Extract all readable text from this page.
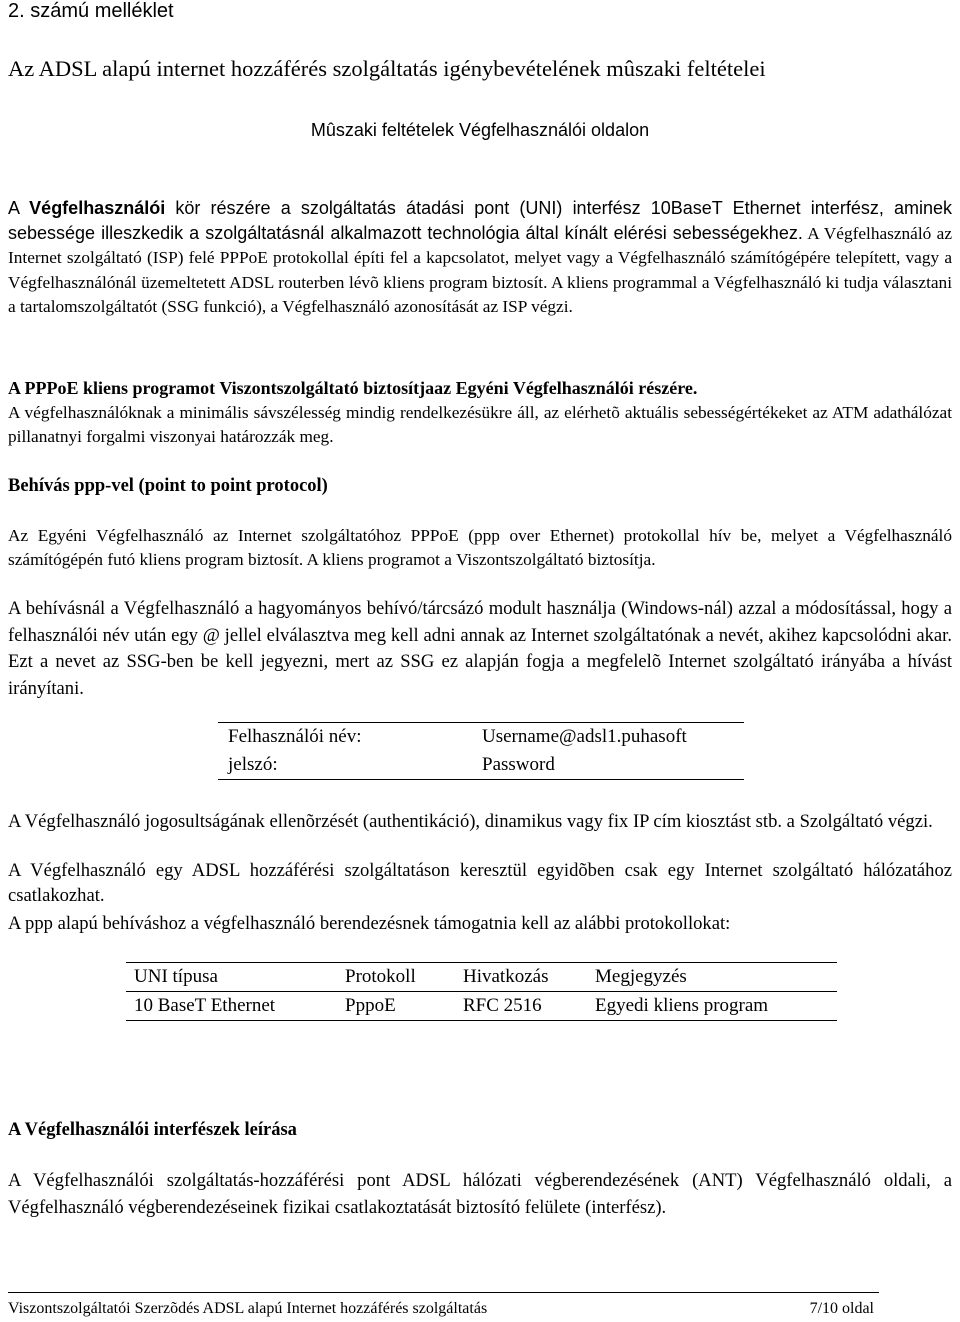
2. számú melléklet
Az ADSL alapú internet hozzáférés szolgáltatás igénybevételének mûszaki feltételei
Mûszaki feltételek Végfelhasználói oldalon
A Végfelhasználói kör részére a szolgáltatás átadási pont (UNI) interfész 10BaseT Ethernet interfész, aminek sebessége illeszkedik a szolgáltatásnál alkalmazott technológia által kínált elérési sebességekhez. A Végfelhasználó az Internet szolgáltató (ISP) felé PPPoE protokollal építi fel a kapcsolatot, melyet vagy a Végfelhasználó számítógépére telepített, vagy a Végfelhasználónál üzemeltetett ADSL routerben lévõ kliens program biztosít. A kliens programmal a Végfelhasználó ki tudja választani a tartalomszolgáltatót (SSG funkció), a Végfelhasználó azonosítását az ISP végzi.
A PPPoE kliens programot Viszontszolgáltató biztosítjaaz Egyéni Végfelhasználói részére.
A végfelhasználóknak a minimális sávszélesség mindig rendelkezésükre áll, az elérhetõ aktuális sebességértékeket az ATM adathálózat pillanatnyi forgalmi viszonyai határozzák meg.
Behívás ppp-vel (point to point protocol)
Az Egyéni Végfelhasználó az Internet szolgáltatóhoz PPPoE (ppp over Ethernet) protokollal hív be, melyet a Végfelhasználó számítógépén futó kliens program biztosít. A kliens programot a Viszontszolgáltató biztosítja.
A behívásnál a Végfelhasználó a hagyományos behívó/tárcsázó modult használja (Windows-nál) azzal a módosítással, hogy a felhasználói név után egy @ jellel elválasztva meg kell adni annak az Internet szolgáltatónak a nevét, akihez kapcsolódni akar. Ezt a nevet az SSG-ben be kell jegyezni, mert az SSG ez alapján fogja a megfelelõ Internet szolgáltató irányába a hívást irányítani.
Felhasználói név:	Username@adsl1.puhasoft
jelszó:	Password
A Végfelhasználó jogosultságának ellenõrzését (authentikáció), dinamikus vagy fix IP cím kiosztást stb. a Szolgáltató végzi.
A Végfelhasználó egy ADSL hozzáférési szolgáltatáson keresztül egyidõben csak egy Internet szolgáltató hálózatához csatlakozhat.
A ppp alapú behíváshoz a végfelhasználó berendezésnek támogatnia kell az alábbi protokollokat:
UNI típusa	Protokoll	Hivatkozás	Megjegyzés
10 BaseT Ethernet	PppoE	RFC 2516	Egyedi kliens program
A Végfelhasználói interfészek leírása
A Végfelhasználói szolgáltatás-hozzáférési pont ADSL hálózati végberendezésének (ANT) Végfelhasználó oldali, a Végfelhasználó végberendezéseinek fizikai csatlakoztatását biztosító felülete (interfész).
Viszontszolgáltatói Szerzõdés ADSL alapú Internet hozzáférés szolgáltatás	7/10 oldal
